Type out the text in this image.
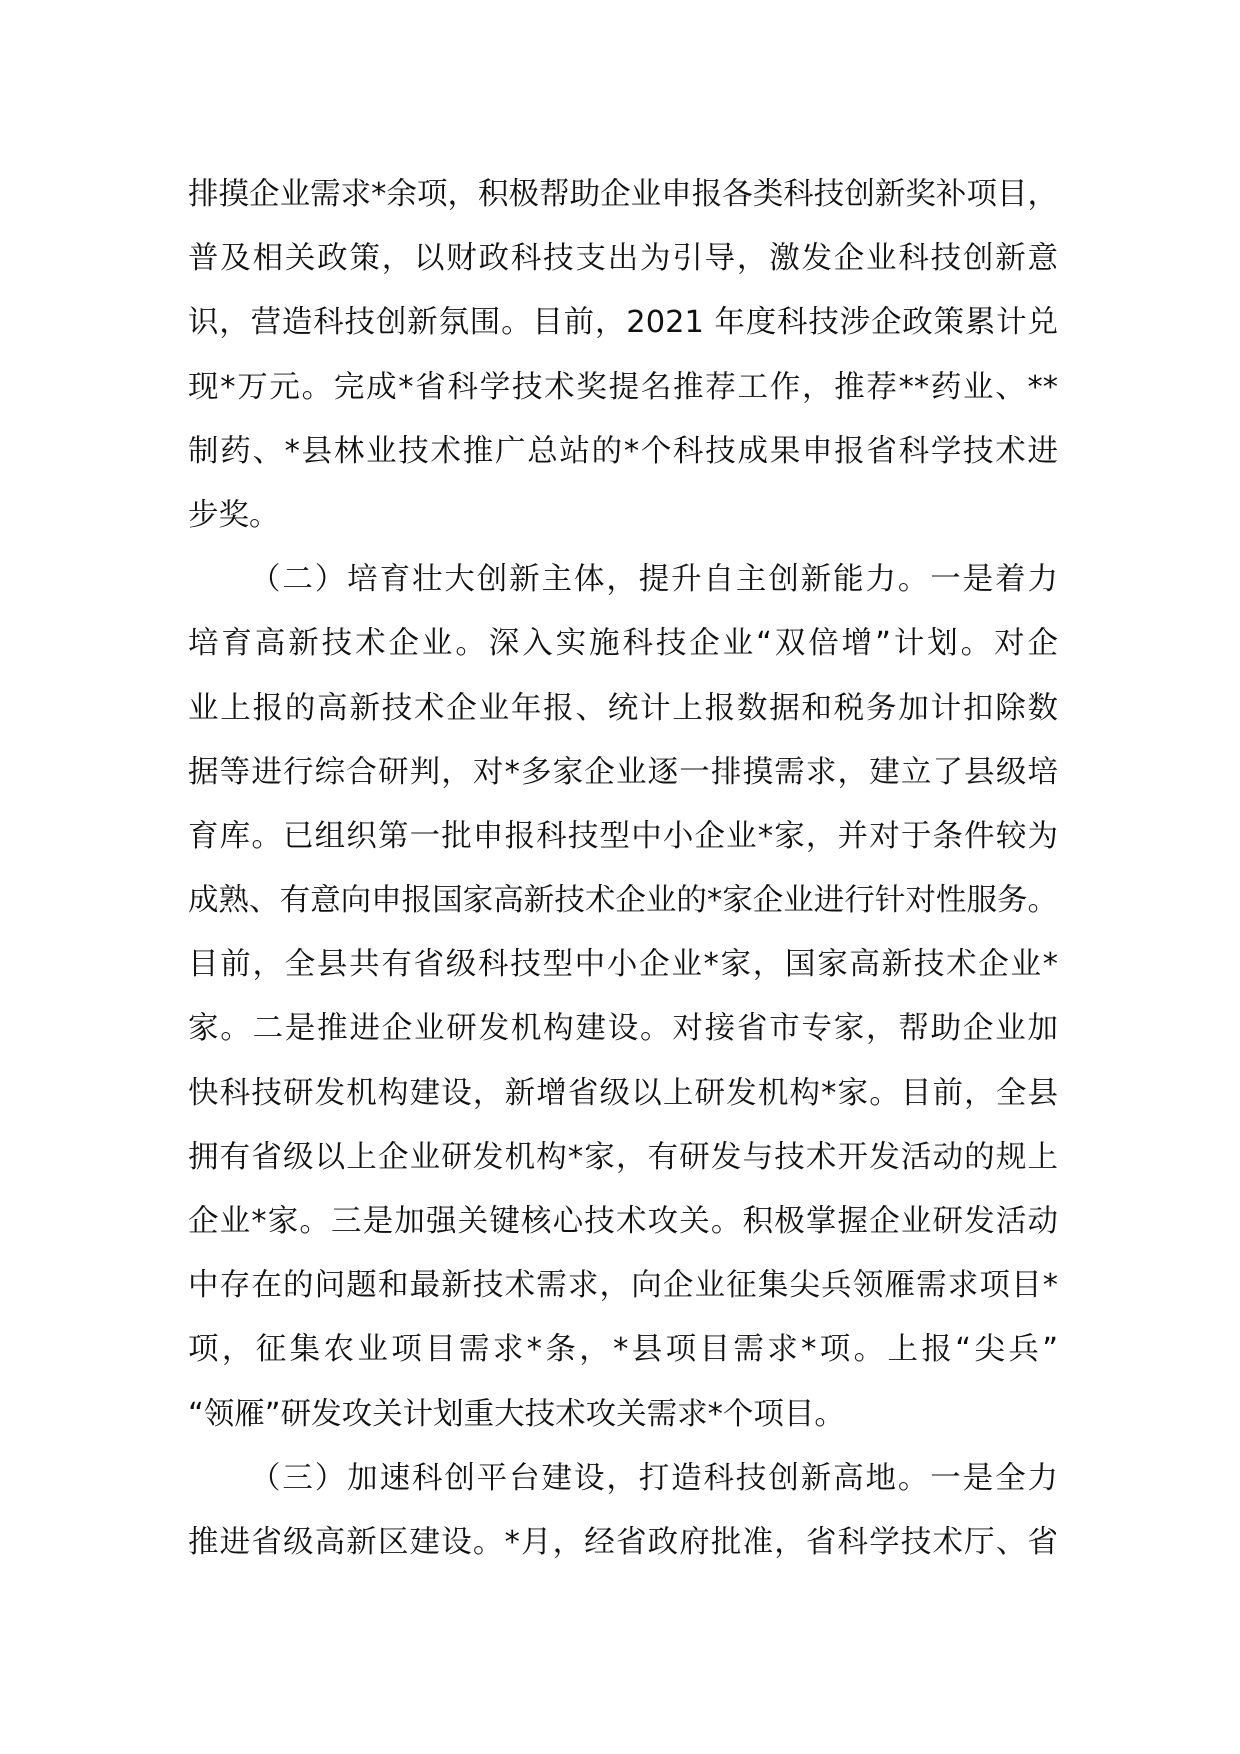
排摸企业需求*余项，积极帮助企业申报各类科技创新奖补项目，
普及相关政策，以财政科技支出为引导，激发企业科技创新意
识，营造科技创新氛围。目前，2021 年度科技涉企政策累计兑
现*万元。完成*省科学技术奖提名推荐工作，推荐**药业、**
制药、*县林业技术推广总站的*个科技成果申报省科学技术进
步奖。
（二）培育壮大创新主体，提升自主创新能力。一是着力
培育高新技术企业。深入实施科技企业“双倍增”计划。对企
业上报的高新技术企业年报、统计上报数据和税务加计扣除数
据等进行综合研判，对*多家企业逐一排摸需求，建立了县级培
育库。已组织第一批申报科技型中小企业*家，并对于条件较为
成熟、有意向申报国家高新技术企业的*家企业进行针对性服务。
目前，全县共有省级科技型中小企业*家，国家高新技术企业*
家。二是推进企业研发机构建设。对接省市专家，帮助企业加
快科技研发机构建设，新增省级以上研发机构*家。目前，全县
拥有省级以上企业研发机构*家，有研发与技术开发活动的规上
企业*家。三是加强关键核心技术攻关。积极掌握企业研发活动
中存在的问题和最新技术需求，向企业征集尖兵领雁需求项目*
项，征集农业项目需求*条，*县项目需求*项。上报“尖兵”
“领雁”研发攻关计划重大技术攻关需求*个项目。
（三）加速科创平台建设，打造科技创新高地。一是全力
推进省级高新区建设。*月，经省政府批准，省科学技术厅、省
